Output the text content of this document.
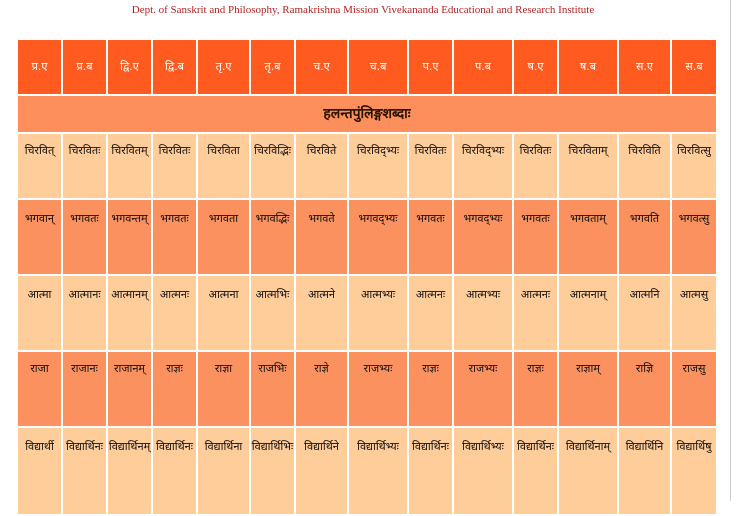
Dept. of Sanskrit and Philosophy, Ramakrishna Mission Vivekananda Educational and Research Institute
प्र.ए	प्र.ब	द्वि.ए	द्वि.ब	तृ.ए	तृ.ब	च.ए	च.ब	प.ए	प.ब	ष.ए	ष.ब	स.ए	स.ब
हलन्तपुंलिङ्गशब्दाः													
चिरवित्	चिरवितः	चिरवितम्	चिरवितः	चिरविता	चिरविद्भिः	चिरविते	चिरविद्भ्यः	चिरवितः	चिरविद्भ्यः	चिरवितः	चिरविताम्	चिरविति	चिरवित्सु
भगवान्	भगवतः	भगवन्तम्	भगवतः	भगवता	भगवद्भिः	भगवते	भगवद्भ्यः	भगवतः	भगवद्भ्यः	भगवतः	भगवताम्	भगवति	भगवत्सु
आत्मा	आत्मानः	आत्मानम्	आत्मनः	आत्मना	आत्मभिः	आत्मने	आत्मभ्यः	आत्मनः	आत्मभ्यः	आत्मनः	आत्मनाम्	आत्मनि	आत्मसु
राजा	राजानः	राजानम्	राज्ञः	राज्ञा	राजभिः	राज्ञे	राजभ्यः	राज्ञः	राजभ्यः	राज्ञः	राज्ञाम्	राज्ञि	राजसु
विद्यार्थी	विद्यार्थिनः	विद्यार्थिनम्	विद्यार्थिनः	विद्यार्थिना	विद्यार्थिभिः	विद्यार्थिने	विद्यार्थिभ्यः	विद्यार्थिनः	विद्यार्थिभ्यः	विद्यार्थिनः	विद्यार्थिनाम्	विद्यार्थिनि	विद्यार्थिषु
